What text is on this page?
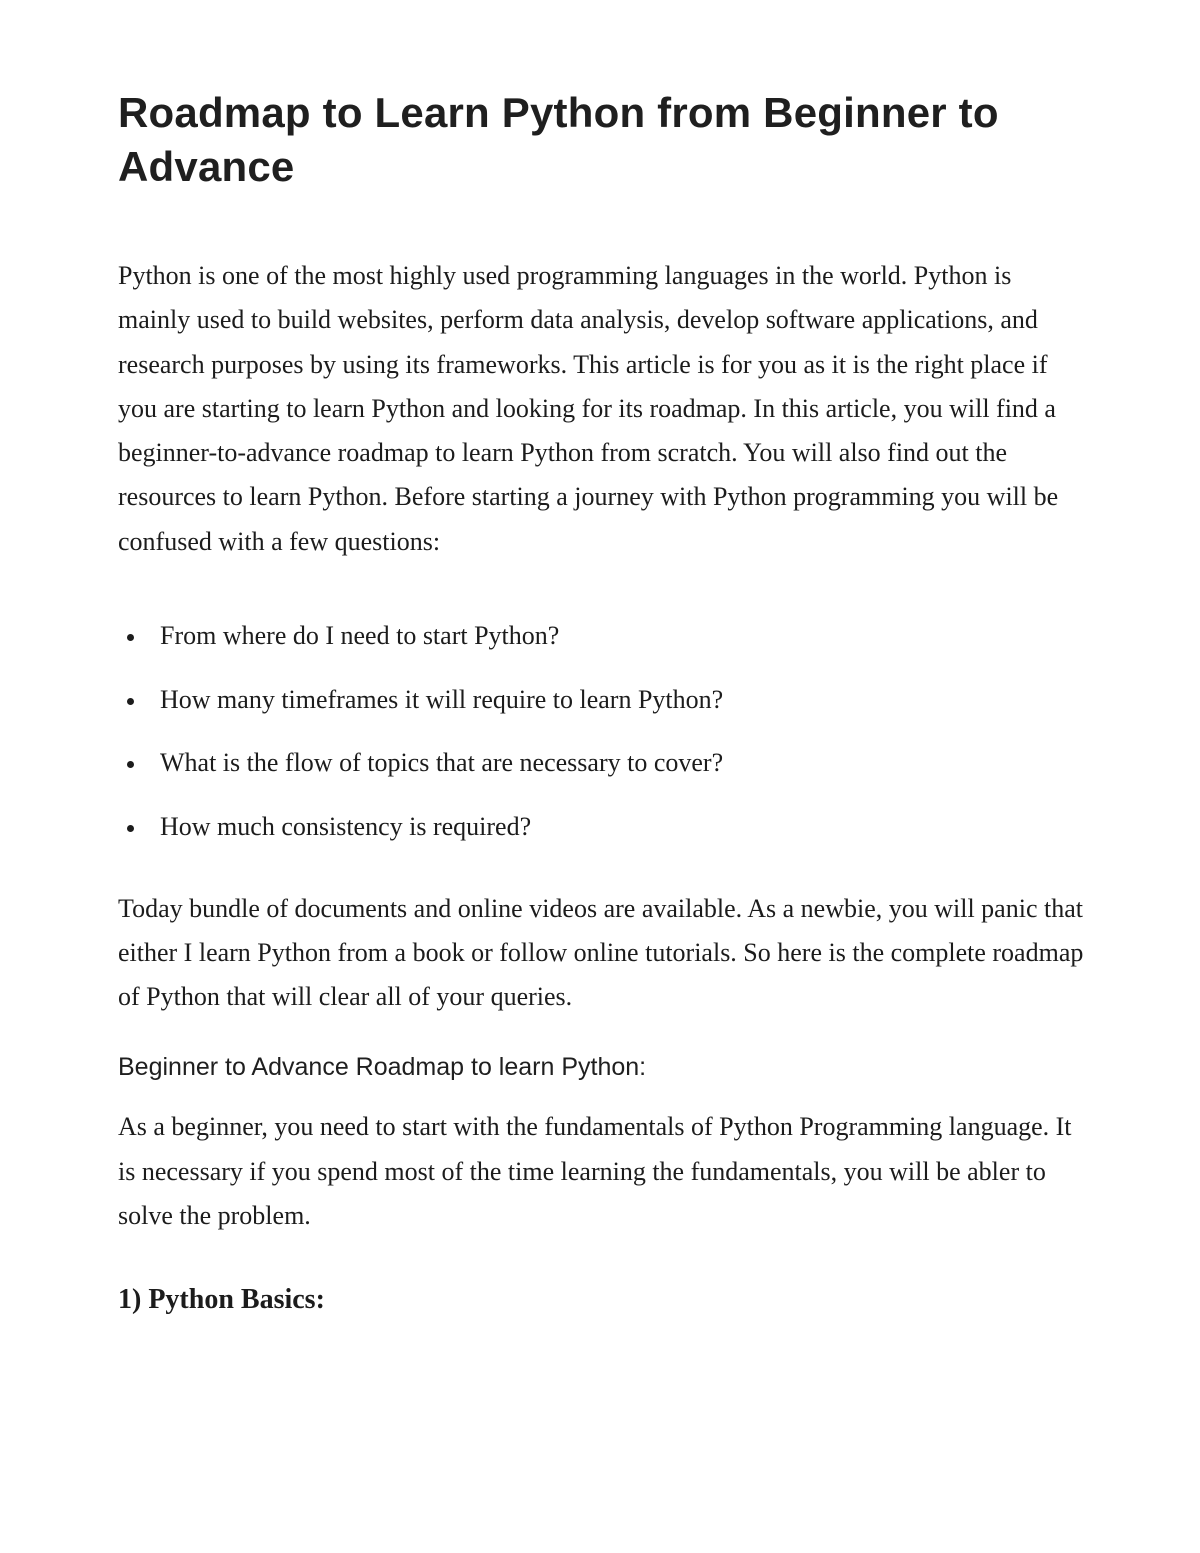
Roadmap to Learn Python from Beginner to Advance

Python is one of the most highly used programming languages in the world. Python is mainly used to build websites, perform data analysis, develop software applications, and research purposes by using its frameworks. This article is for you as it is the right place if you are starting to learn Python and looking for its roadmap. In this article, you will find a beginner-to-advance roadmap to learn Python from scratch. You will also find out the resources to learn Python. Before starting a journey with Python programming you will be confused with a few questions:

From where do I need to start Python?
How many timeframes it will require to learn Python?
What is the flow of topics that are necessary to cover?
How much consistency is required?

Today bundle of documents and online videos are available. As a newbie, you will panic that either I learn Python from a book or follow online tutorials. So here is the complete roadmap of Python that will clear all of your queries.

Beginner to Advance Roadmap to learn Python:

As a beginner, you need to start with the fundamentals of Python Programming language. It is necessary if you spend most of the time learning the fundamentals, you will be abler to solve the problem.

1) Python Basics:
